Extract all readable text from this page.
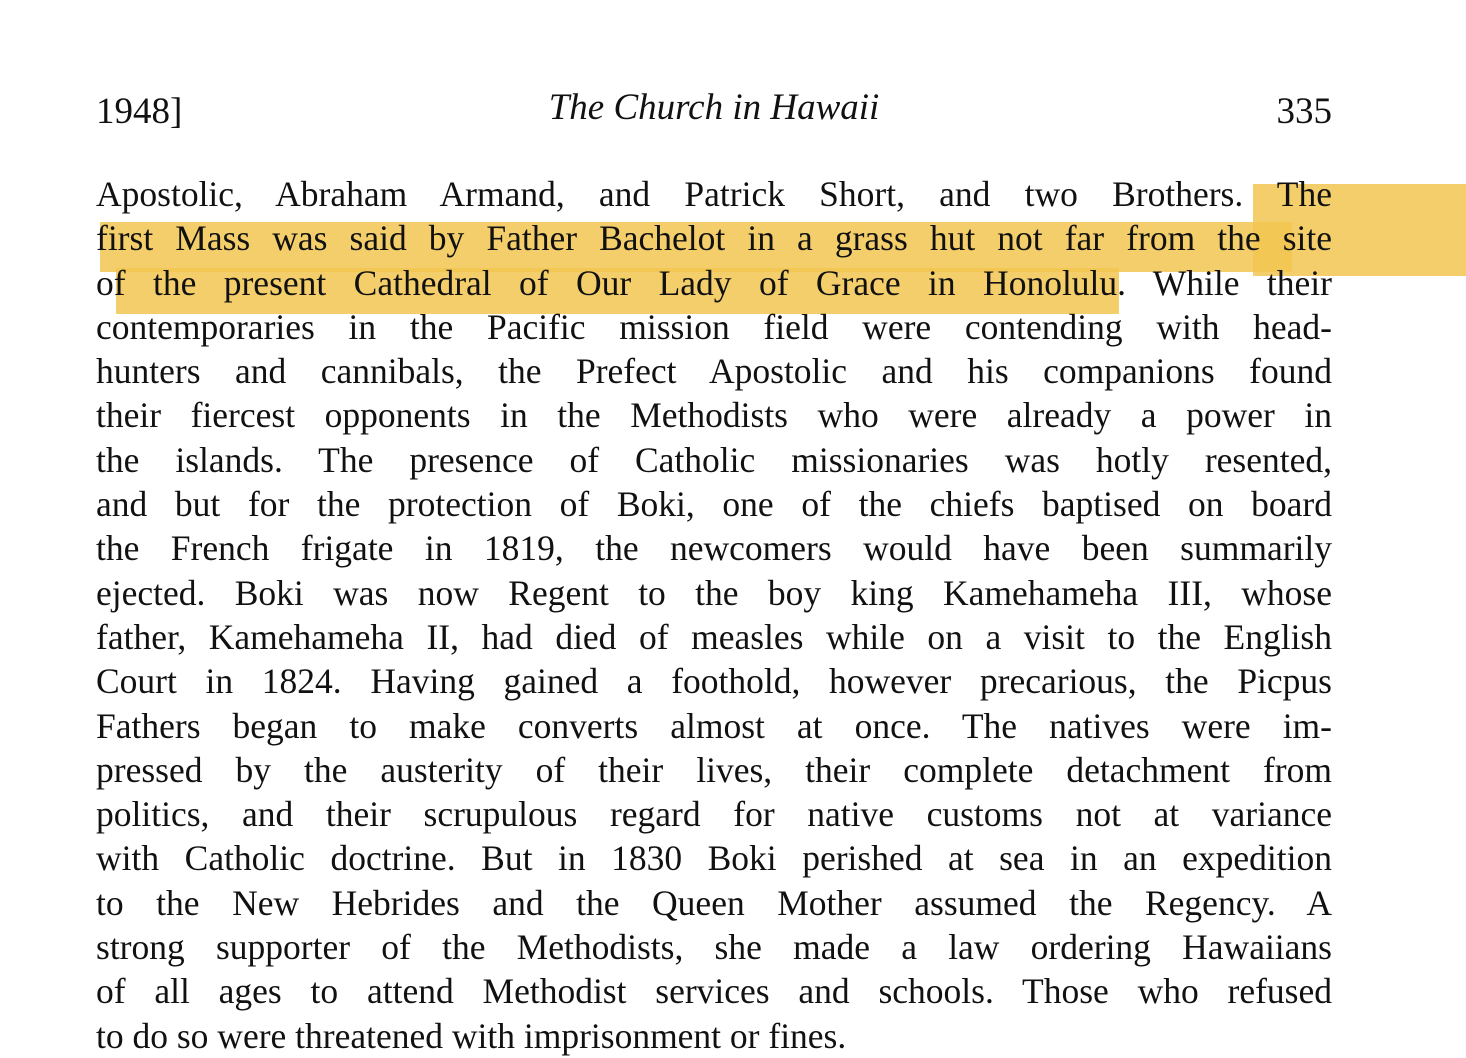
1948]	The Church in Hawaii	335
Apostolic, Abraham Armand, and Patrick Short, and two Brothers. The
first Mass was said by Father Bachelot in a grass hut not far from the site
of the present Cathedral of Our Lady of Grace in Honolulu. While their
contemporaries in the Pacific mission field were contending with head-
hunters and cannibals, the Prefect Apostolic and his companions found
their fiercest opponents in the Methodists who were already a power in
the islands. The presence of Catholic missionaries was hotly resented,
and but for the protection of Boki, one of the chiefs baptised on board
the French frigate in 1819, the newcomers would have been summarily
ejected. Boki was now Regent to the boy king Kamehameha III, whose
father, Kamehameha II, had died of measles while on a visit to the English
Court in 1824. Having gained a foothold, however precarious, the Picpus
Fathers began to make converts almost at once. The natives were im-
pressed by the austerity of their lives, their complete detachment from
politics, and their scrupulous regard for native customs not at variance
with Catholic doctrine. But in 1830 Boki perished at sea in an expedition
to the New Hebrides and the Queen Mother assumed the Regency. A
strong supporter of the Methodists, she made a law ordering Hawaiians
of all ages to attend Methodist services and schools. Those who refused
to do so were threatened with imprisonment or fines.
